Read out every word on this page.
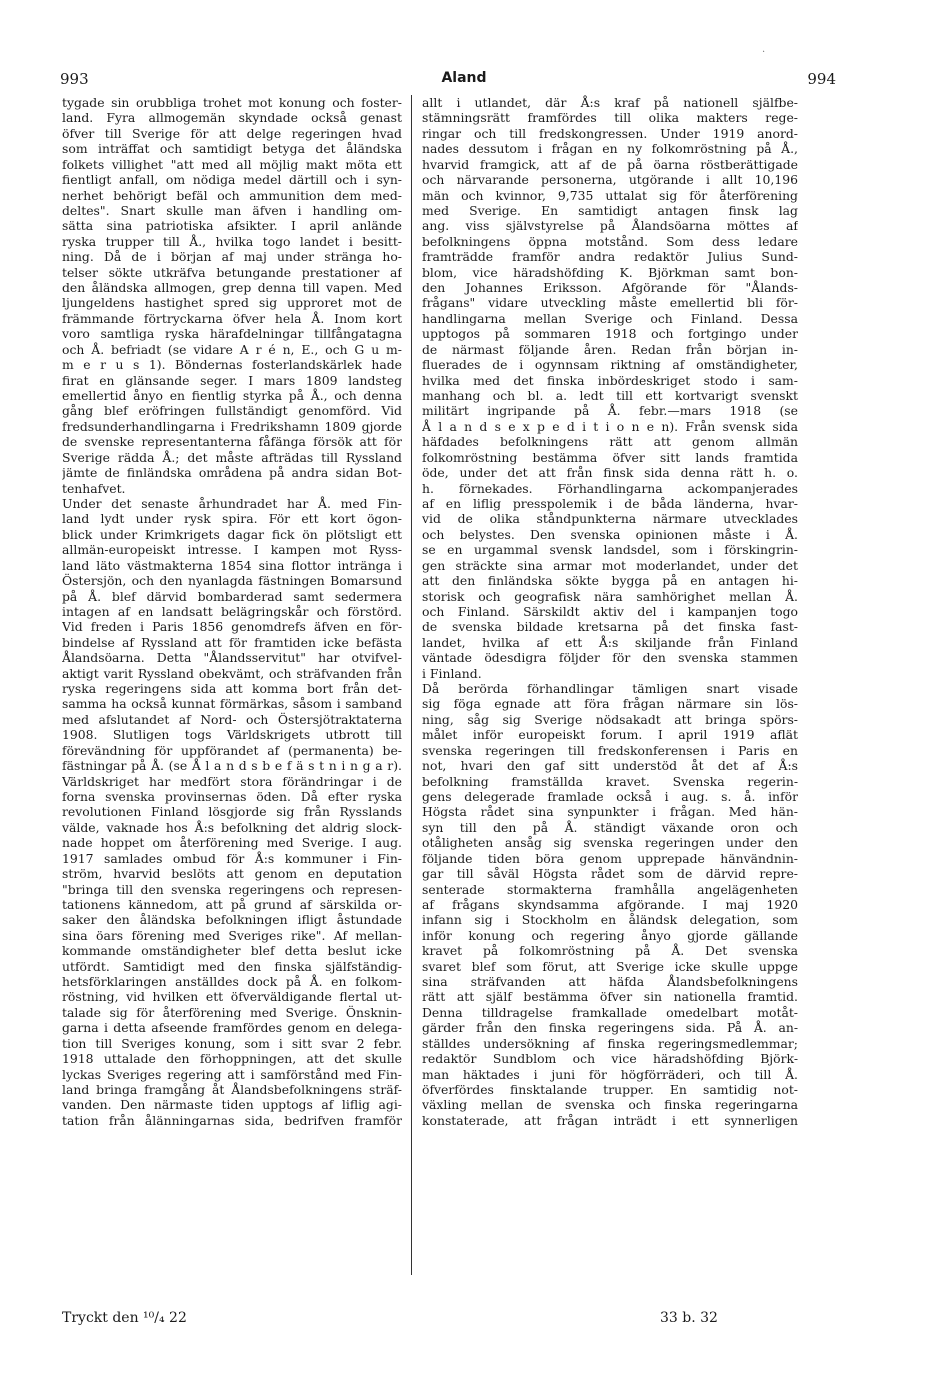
.
993	Aland	994
tygade sin orubbliga trohet mot konung och foster-
land. Fyra allmogemän skyndade också genast
öfver till Sverige för att delge regeringen hvad
som inträffat och samtidigt betyga det åländska
folkets villighet "att med all möjlig makt möta ett
fientligt anfall, om nödiga medel därtill och i syn-
nerhet behörigt befäl och ammunition dem med-
deltes". Snart skulle man äfven i handling om-
sätta sina patriotiska afsikter. I april anlände
ryska trupper till Å., hvilka togo landet i besitt-
ning. Då de i början af maj under stränga ho-
telser sökte utkräfva betungande prestationer af
den åländska allmogen, grep denna till vapen. Med
ljungeldens hastighet spred sig upproret mot de
främmande förtryckarna öfver hela Å. Inom kort
voro samtliga ryska härafdelningar tillfångatagna
och Å. befriadt (se vidare A r é n, E., och G u m-
m e r u s 1). Böndernas fosterlandskärlek hade
firat en glänsande seger. I mars 1809 landsteg
emellertid ånyo en fientlig styrka på Å., och denna
gång blef eröfringen fullständigt genomförd. Vid
fredsunderhandlingarna i Fredrikshamn 1809 gjorde
de svenske representanterna fåfänga försök att för
Sverige rädda Å.; det måste afträdas till Ryssland
jämte de finländska områdena på andra sidan Bot-
tenhafvet.
Under det senaste århundradet har Å. med Fin-
land lydt under rysk spira. För ett kort ögon-
blick under Krimkrigets dagar fick ön plötsligt ett
allmän-europeiskt intresse. I kampen mot Ryss-
land läto västmakterna 1854 sina flottor inträngа i
Östersjön, och den nyanlagda fästningen Bomarsund
på Å. blef därvid bombarderad samt sedermera
intagen af en landsatt belägringskår och förstörd.
Vid freden i Paris 1856 genomdrefs äfven en för-
bindelse af Ryssland att för framtiden icke befästa
Ålandsöarna. Detta "Ålandsservitut" har otvifvel-
aktigt varit Ryssland obekvämt, och sträfvanden från
ryska regeringens sida att komma bort från det-
samma ha också kunnat förmärkas, såsom i samband
med afslutandet af Nord- och Östersjötraktaterna
1908. Slutligen togs Världskrigets utbrott till
förevändning för uppförandet af (permanenta) be-
fästningar på Å. (se Å l a n d s b e f ä s t n i n g a r).
Världskriget har medfört stora förändringar i de
forna svenska provinsernas öden. Då efter ryska
revolutionen Finland lösgjorde sig från Rysslands
välde, vaknade hos Å:s befolkning det aldrig slock-
nade hoppet om återförening med Sverige. I aug.
1917 samlades ombud för Å:s kommuner i Fin-
ström, hvarvid beslöts att genom en deputation
"bringa till den svenska regeringens och represen-
tationens kännedom, att på grund af särskilda or-
saker den åländska befolkningen ifligt åstundade
sina öars förening med Sveriges rike". Af mellan-
kommande omständigheter blef detta beslut icke
utfördt. Samtidigt med den finska själfständig-
hetsförklaringen anställdes dock på Å. en folkom-
röstning, vid hvilken ett öfverväldigande flertal ut-
talade sig för återförening med Sverige. Önsknin-
garna i detta afseende framfördes genom en delega-
tion till Sveriges konung, som i sitt svar 2 febr.
1918 uttalade den förhoppningen, att det skulle
lyckas Sveriges regering att i samförstånd med Fin-
land bringa framgång åt Ålandsbefolkningens sträf-
vanden. Den närmaste tiden upptogs af liflig agi-
tation från ålänningarnas sida, bedrifven framför
allt i utlandet, där Å:s kraf på nationell själfbe-
stämningsrätt framfördes till olika makters rege-
ringar och till fredskongressen. Under 1919 anord-
nades dessutom i frågan en ny folkomröstning på Å.,
hvarvid framgick, att af de på öarna röstberättigade
och närvarande personerna, utgörande i allt 10,196
män och kvinnor, 9,735 uttalat sig för återförening
med Sverige. En samtidigt antagen finsk lag
ang. viss självstyrelse på Ålandsöarna möttes af
befolkningens öppna motstånd. Som dess ledare
framträdde framför andra redaktör Julius Sund-
blom, vice häradshöfding K. Björkman samt bon-
den Johannes Eriksson. Afgörande för "Ålands-
frågans" vidare utveckling måste emellertid bli för-
handlingarna mellan Sverige och Finland. Dessa
upptogos på sommaren 1918 och fortgingo under
de närmast följande åren. Redan från början in-
fluerades de i ogynnsam riktning af omständigheter,
hvilka med det finska inbördeskriget stodo i sam-
manhang och bl. a. ledt till ett kortvarigt svenskt
militärt ingripande på Å. febr.—mars 1918 (se
Å l a n d s e x p e d i t i o n e n). Från svensk sida
häfdades befolkningens rätt att genom allmän
folkomröstning bestämma öfver sitt lands framtida
öde, under det att från finsk sida denna rätt h. o.
h. förnekades. Förhandlingarna ackompanjerades
af en liflig presspolemik i de båda länderna, hvar-
vid de olika ståndpunkterna närmare utvecklades
och belystes. Den svenska opinionen måste i Å.
se en urgammal svensk landsdel, som i förskingrin-
gen sträckte sina armar mot moderlandet, under det
att den finländska sökte bygga på en antagen hi-
storisk och geografisk nära samhörighet mellan Å.
och Finland. Särskildt aktiv del i kampanjen togo
de svenska bildade kretsarna på det finska fast-
landet, hvilka af ett Å:s skiljande från Finland
väntade ödesdigra följder för den svenska stammen
i Finland.
Då berörda förhandlingar tämligen snart visade
sig föga egnade att föra frågan närmare sin lös-
ning, såg sig Sverige nödsakadt att bringa spörs-
målet inför europeiskt forum. I april 1919 aflät
svenska regeringen till fredskonferensen i Paris en
not, hvari den gaf sitt understöd åt det af Å:s
befolkning framställda kravet. Svenska regerin-
gens delegerade framlade också i aug. s. å. inför
Högsta rådet sina synpunkter i frågan. Med hän-
syn till den på Å. ständigt växande oron och
otåligheten ansåg sig svenska regeringen under den
följande tiden böra genom upprepade hänvändnin-
gar till såväl Högsta rådet som de därvid repre-
senterade stormakterna framhålla angelägenheten
af frågans skyndsamma afgörande. I maj 1920
infann sig i Stockholm en åländsk delegation, som
inför konung och regering ånyo gjorde gällande
kravet på folkomröstning på Å. Det svenska
svaret blef som förut, att Sverige icke skulle uppge
sina sträfvanden att häfda Ålandsbefolkningens
rätt att själf bestämma öfver sin nationella framtid.
Denna tilldragelse framkallade omedelbart motåt-
gärder från den finska regeringens sida. På Å. an-
ställdes undersökning af finska regeringsmedlemmar;
redaktör Sundblom och vice häradshöfding Björk-
man häktades i juni för högförräderi, och till Å.
öfverfördes finsktalande trupper. En samtidig not-
växling mellan de svenska och finska regeringarna
konstaterade, att frågan inträdt i ett synnerligen
Tryckt den ¹⁰/₄ 22	33 b. 32
